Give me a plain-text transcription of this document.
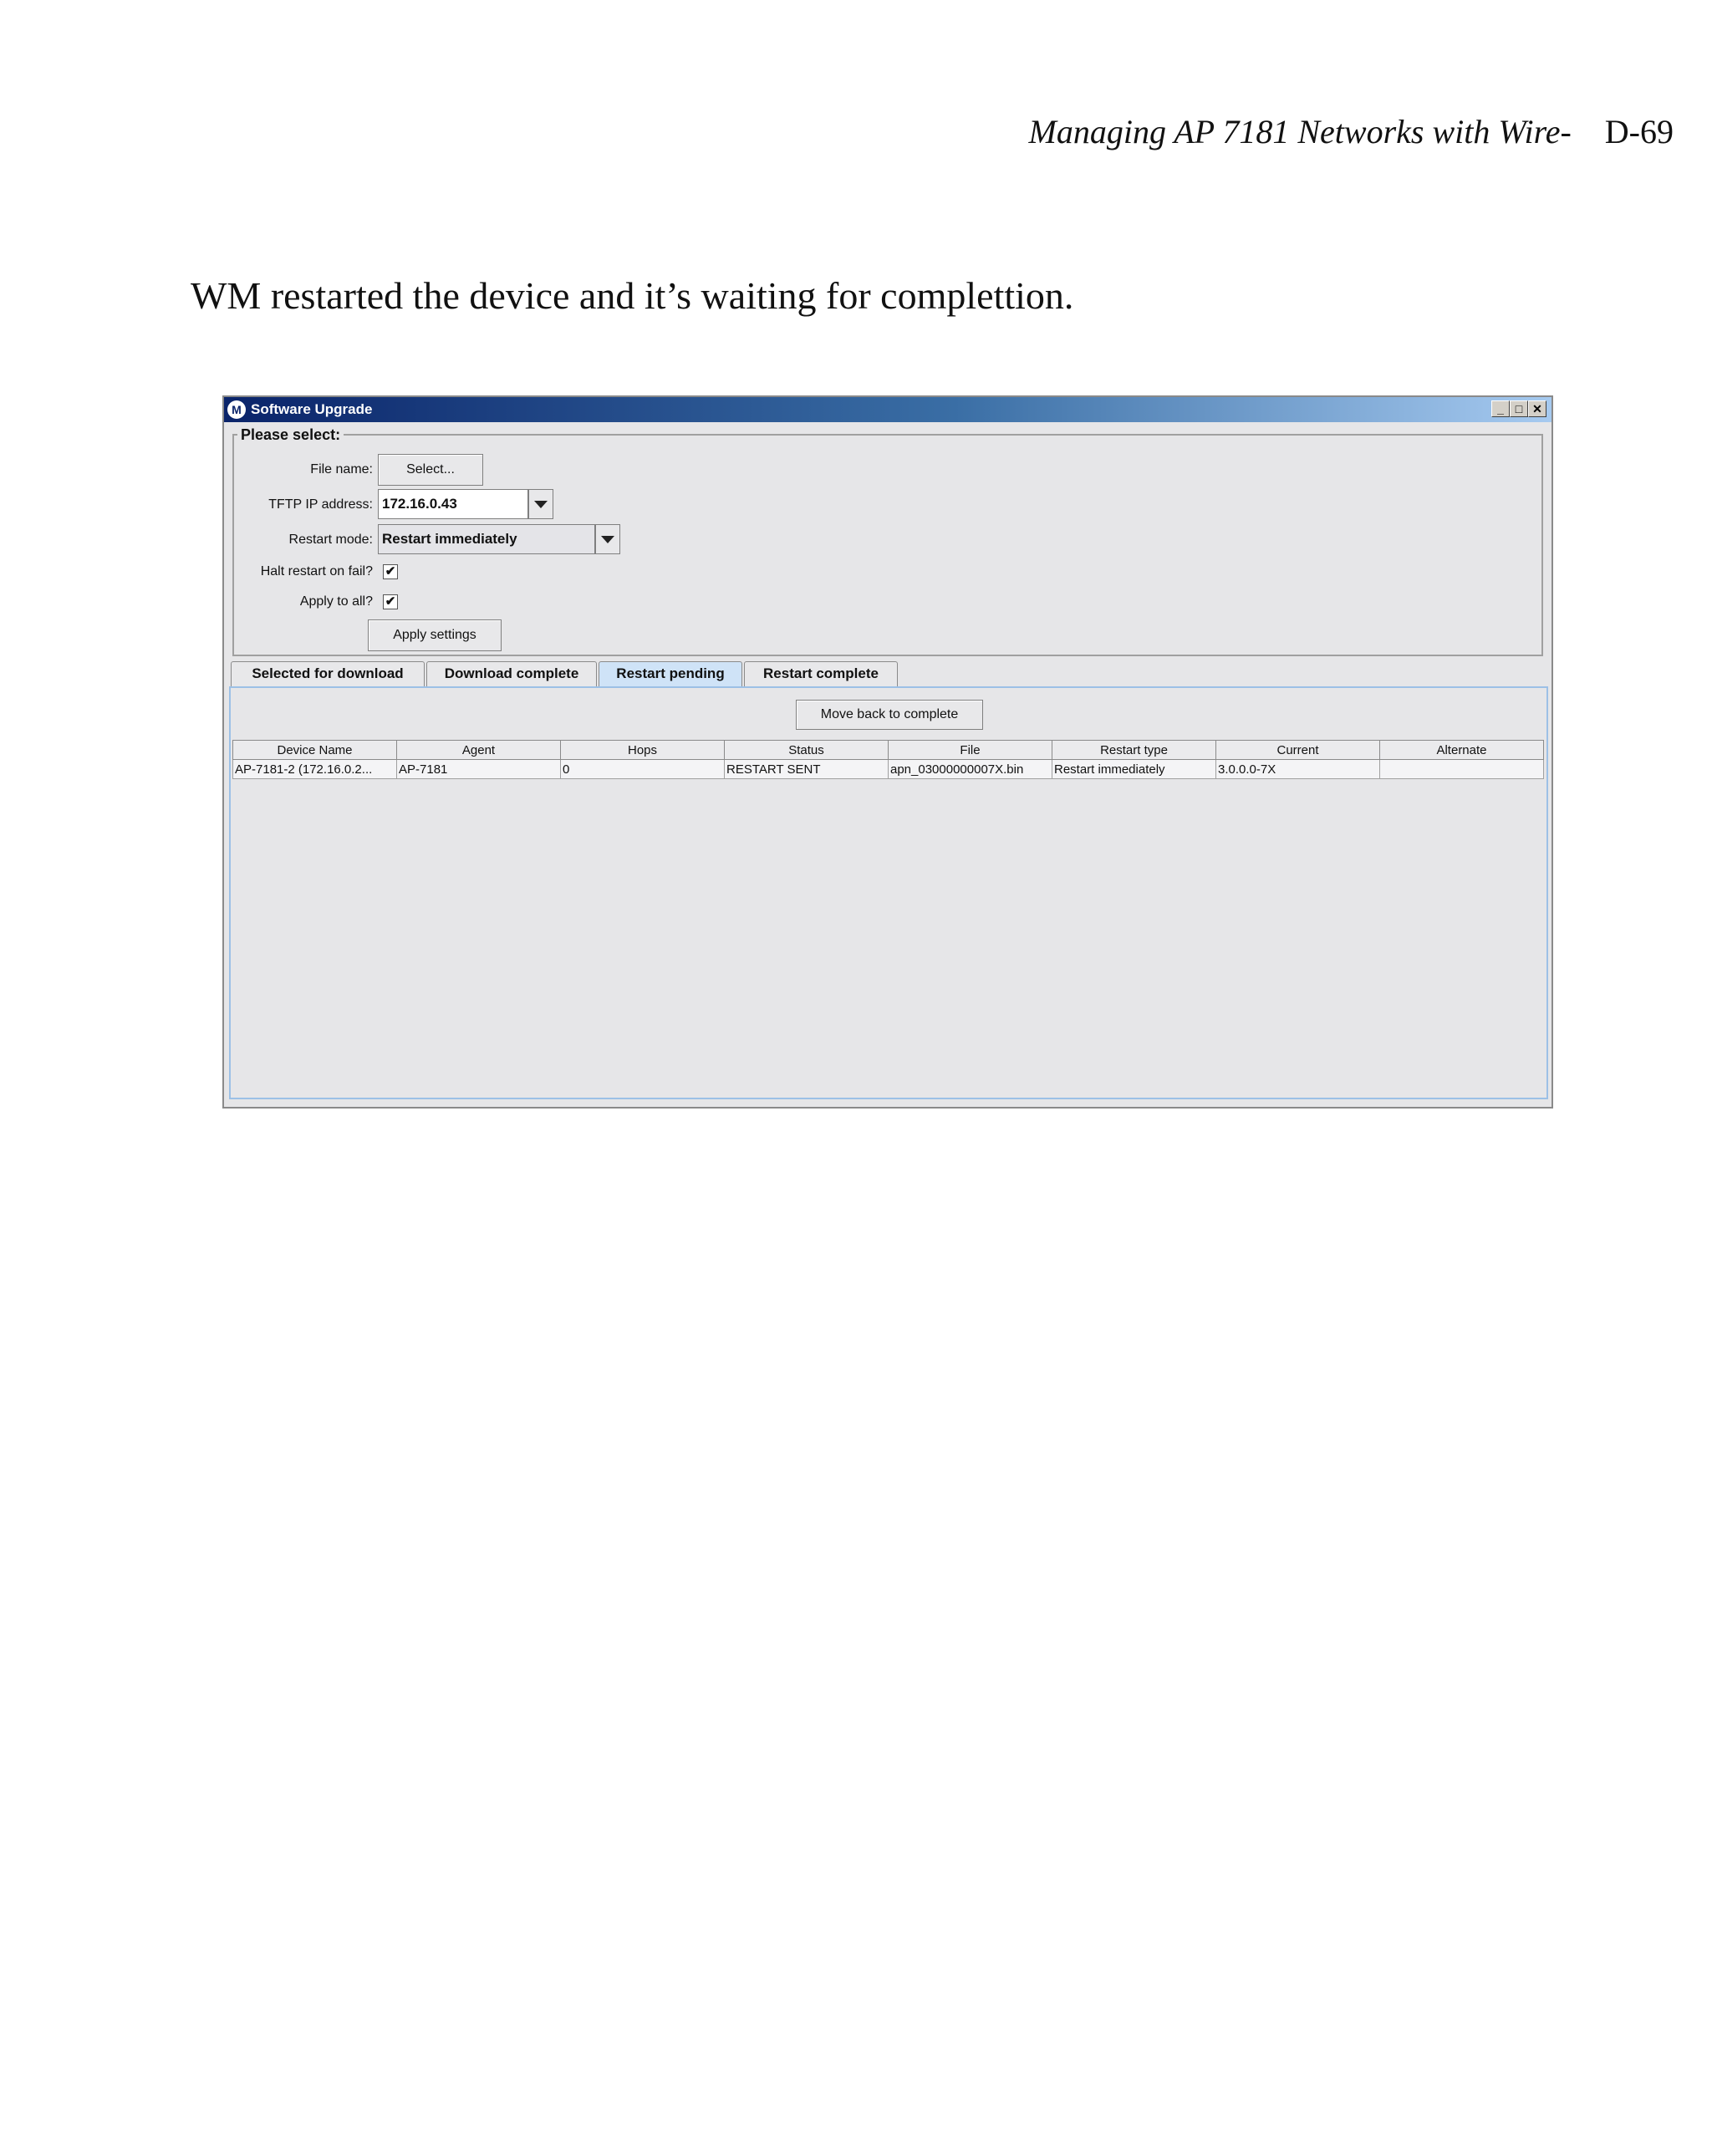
Managing AP 7181 Networks with Wire- D-69
WM restarted the device and it’s waiting for complettion.
M Software Upgrade	_ □ ✕
Please select:
File name:	Select...
TFTP IP address: 172.16.0.43
Restart mode: Restart immediately
Halt restart on fail? ✔
Apply to all? ✔
Apply settings
Selected for download	Download complete	Restart pending	Restart complete
Move back to complete
Device Name	Agent	Hops	Status	File	Restart type	Current	Alternate
AP-7181-2 (172.16.0.2...	AP-7181	0	RESTART SENT	apn_03000000007X.bin	Restart immediately	3.0.0.0-7X	
